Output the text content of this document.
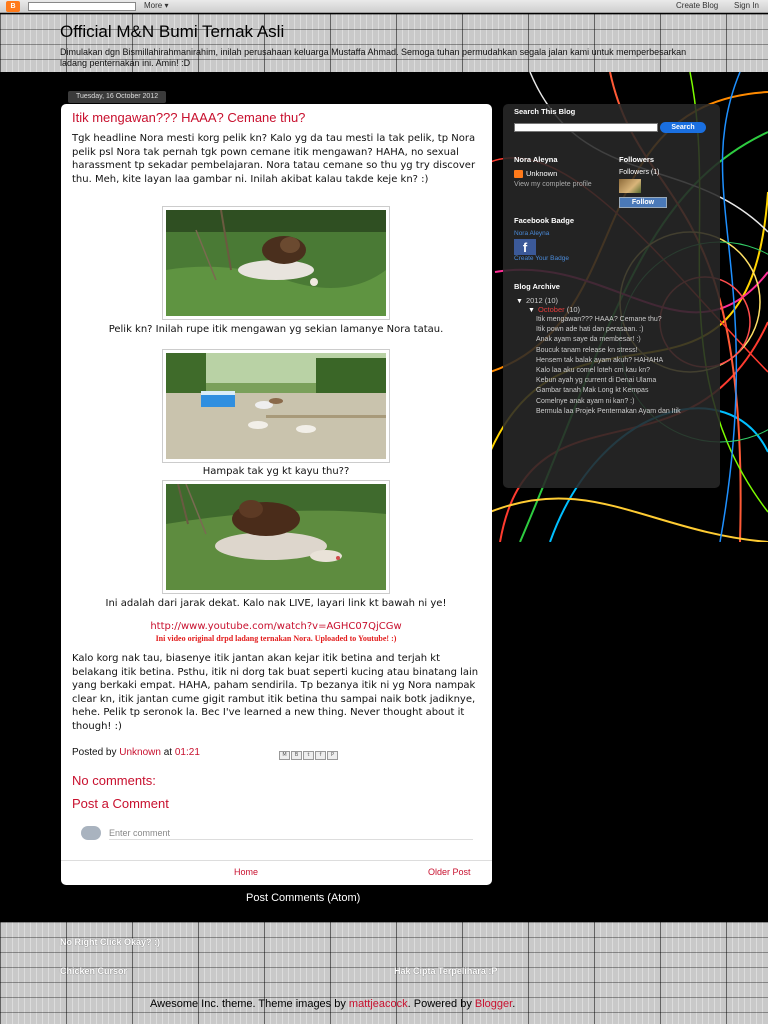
B	More ▾	Create Blog Sign In
Official M&N Bumi Ternak Asli
Dimulakan dgn Bismillahirahmanirahim, inilah perusahaan keluarga Mustaffa Ahmad. Semoga tuhan permudahkan segala jalan kami untuk memperbesarkan ladang penternakan ini. Amin! :D
Tuesday, 16 October 2012
Itik mengawan??? HAAA? Cemane thu?
Tgk headline Nora mesti korg pelik kn? Kalo yg da tau mesti la tak pelik, tp Nora pelik psl Nora tak pernah tgk pown cemane itik mengawan? HAHA, no sexual harassment tp sekadar pembelajaran. Nora tatau cemane so thu yg try discover thu. Meh, kite layan laa gambar ni. Inilah akibat kalau takde keje kn? :)
Pelik kn? Inilah rupe itik mengawan yg sekian lamanye Nora tatau.
Hampak tak yg kt kayu thu??
Ini adalah dari jarak dekat. Kalo nak LIVE, layari link kt bawah ni ye!
http://www.youtube.com/watch?v=AGHC07QjCGw
Ini video original drpd ladang ternakan Nora. Uploaded to Youtube! :)
Kalo korg nak tau, biasenye itik jantan akan kejar itik betina and terjah kt belakang itik betina. Psthu, itik ni dorg tak buat seperti kucing atau binatang lain yang berkaki empat. HAHA, paham sendirila. Tp bezanya itik ni yg Nora nampak clear kn, itik jantan cume gigit rambut itik betina thu sampai naik botk jadiknye, hehe. Pelik tp seronok la. Bec I've learned a new thing. Never thought about it though! :)
Posted by Unknown at 01:21	M	B	t	f	P
No comments:
Post a Comment
Enter comment
Home	Older Post
Post Comments (Atom)
Search This Blog
Search
Nora Aleyna
Unknown
View my complete profile
Followers
Followers (1)
Follow
Facebook Badge
Nora Aleyna
f
Create Your Badge
Blog Archive
▼ 2012 (10)
▼ October (10)
Itik mengawan??? HAAA? Cemane thu?
Itik pown ade hati dan perasaan. :)
Anak ayam saye da membesar! :)
Boucuk tanam release kn stress!
Hensem tak balak ayam akuh? HAHAHA
Kalo laa aku comel loteh cm kau kn?
Kebun ayah yg current di Denai Ulama
Gambar tanah Mak Long kt Kempas
Comelnye anak ayam ni kan? :)
Bermula laa Projek Penternakan Ayam dan Itik
No Right Click Okay? :)
Chicken Cursor	Hak Cipta Terpelihara :P
Awesome Inc. theme. Theme images by mattjeacock. Powered by Blogger.
